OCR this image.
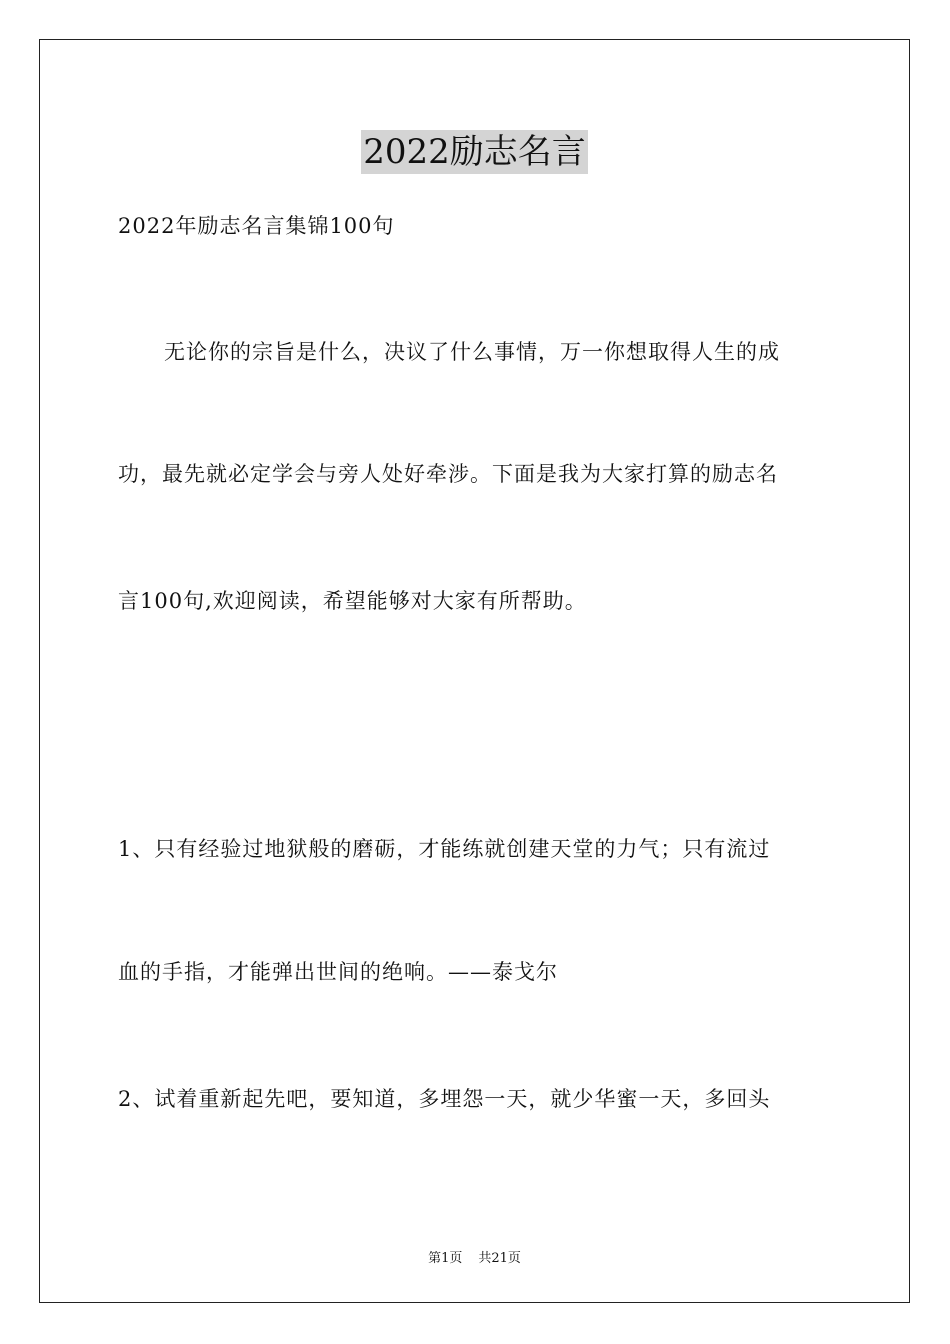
2022励志名言
2022年励志名言集锦100句
无论你的宗旨是什么，决议了什么事情，万一你想取得人生的成
功，最先就必定学会与旁人处好牵涉。下面是我为大家打算的励志名
言100句,欢迎阅读，希望能够对大家有所帮助。
1、只有经验过地狱般的磨砺，才能练就创建天堂的力气；只有流过
血的手指，才能弹出世间的绝响。——泰戈尔
2、试着重新起先吧，要知道，多埋怨一天，就少华蜜一天，多回头
第1页 共21页
